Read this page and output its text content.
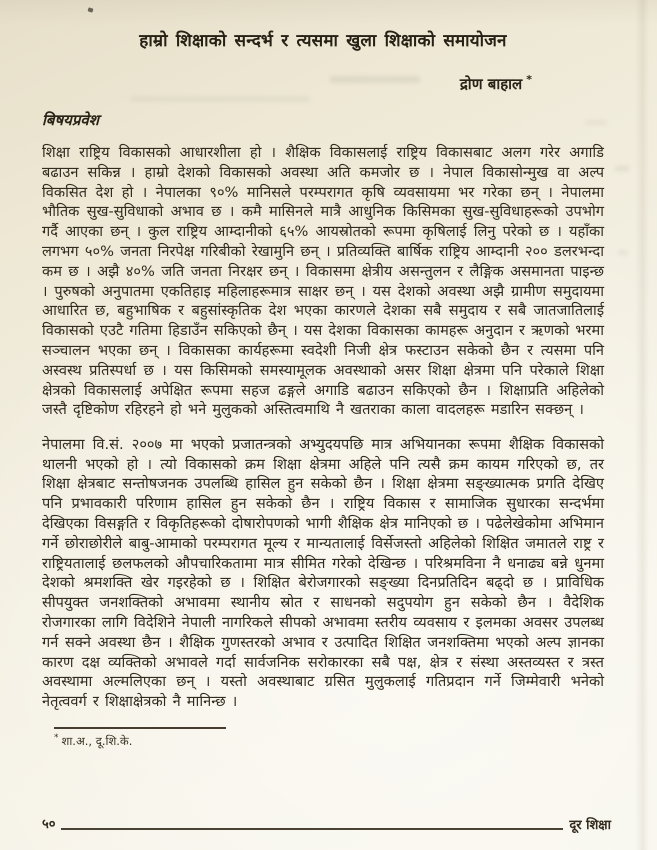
हाम्रो शिक्षाको सन्दर्भ र त्यसमा खुला शिक्षाको समायोजन
द्रोण बाहाल *
बिषयप्रवेश

शिक्षा राष्ट्रिय विकासको आधारशीला हो । शैक्षिक विकासलाई राष्ट्रिय विकासबाट अलग गरेर अगाडि बढाउन सकिन्न । हाम्रो देशको विकासको अवस्था अति कमजोर छ । नेपाल विकासोन्मुख वा अल्प विकसित देश हो । नेपालका ९०% मानिसले परम्परागत कृषि व्यवसायमा भर गरेका छन् । नेपालमा भौतिक सुख-सुविधाको अभाव छ । कमै मासिनले मात्रै आधुनिक किसिमका सुख-सुविधाहरूको उपभोग गर्दै आएका छन् । कुल राष्ट्रिय आम्दानीको ६५% आयस्रोतको रूपमा कृषिलाई लिनु परेको छ । यहाँका लगभग ५०% जनता निरपेक्ष गरिबीको रेखामुनि छन् । प्रतिव्यक्ति बार्षिक राष्ट्रिय आम्दानी २०० डलरभन्दा कम छ । अझै ४०% जति जनता निरक्षर छन् । विकासमा क्षेत्रीय असन्तुलन र लैङ्गिक असमानता पाइन्छ । पुरुषको अनुपातमा एकतिहाइ महिलाहरूमात्र साक्षर छन् । यस देशको अवस्था अझै ग्रामीण समुदायमा आधारित छ, बहुभाषिक र बहुसांस्कृतिक देश भएका कारणले देशका सबै समुदाय र सबै जातजातिलाई विकासको एउटै गतिमा हिडाउँन सकिएको छैन् । यस देशका विकासका कामहरू अनुदान र ऋणको भरमा सञ्चालन भएका छन् । विकासका कार्यहरूमा स्वदेशी निजी क्षेत्र फस्टाउन सकेको छैन र त्यसमा पनि अस्वस्थ प्रतिस्पर्धा छ । यस किसिमको समस्यामूलक अवस्थाको असर शिक्षा क्षेत्रमा पनि परेकाले शिक्षा क्षेत्रको विकासलाई अपेक्षित रूपमा सहज ढङ्गले अगाडि बढाउन सकिएको छैन । शिक्षाप्रति अहिलेको जस्तै दृष्टिकोण रहिरहने हो भने मुलुकको अस्तित्वमाथि नै खतराका काला वादलहरू मडारिन सक्छन् ।

नेपालमा वि.सं. २००७ मा भएको प्रजातन्त्रको अभ्युदयपछि मात्र अभियानका रूपमा शैक्षिक विकासको थालनी भएको हो । त्यो विकासको क्रम शिक्षा क्षेत्रमा अहिले पनि त्यसै क्रम कायम गरिएको छ, तर शिक्षा क्षेत्रबाट सन्तोषजनक उपलब्धि हासिल हुन सकेको छैन । शिक्षा क्षेत्रमा सङ्ख्यात्मक प्रगति देखिए पनि प्रभावकारी परिणाम हासिल हुन सकेको छैन । राष्ट्रिय विकास र सामाजिक सुधारका सन्दर्भमा देखिएका विसङ्गति र विकृतिहरूको दोषारोपणको भागी शैक्षिक क्षेत्र मानिएको छ । पढेलेखेकोमा अभिमान गर्ने छोराछोरीले बाबु-आमाको परम्परागत मूल्य र मान्यतालाई विर्सेजस्तो अहिलेको शिक्षित जमातले राष्ट्र र राष्ट्रियतालाई छलफलको औपचारिकतामा मात्र सीमित गरेको देखिन्छ । परिश्रमविना नै धनाढ्य बन्ने धुनमा देशको श्रमशक्ति खेर गइरहेको छ । शिक्षित बेरोजगारको सङ्ख्या दिनप्रतिदिन बढ्दो छ । प्राविधिक सीपयुक्त जनशक्तिको अभावमा स्थानीय स्रोत र साधनको सदुपयोग हुन सकेको छैन । वैदेशिक रोजगारका लागि विदेशिने नेपाली नागरिकले सीपको अभावमा स्तरीय व्यवसाय र इलमका अवसर उपलब्ध गर्न सक्ने अवस्था छैन । शैक्षिक गुणस्तरको अभाव र उत्पादित शिक्षित जनशक्तिमा भएको अल्प ज्ञानका कारण दक्ष व्यक्तिको अभावले गर्दा सार्वजनिक सरोकारका सबै पक्ष, क्षेत्र र संस्था अस्तव्यस्त र त्रस्त अवस्थामा अल्मलिएका छन् । यस्तो अवस्थाबाट ग्रसित मुलुकलाई गतिप्रदान गर्ने जिम्मेवारी भनेको नेतृत्ववर्ग र शिक्षाक्षेत्रको नै मानिन्छ ।

* शा.अ., दू.शि.के.
५०	दूर शिक्षा
